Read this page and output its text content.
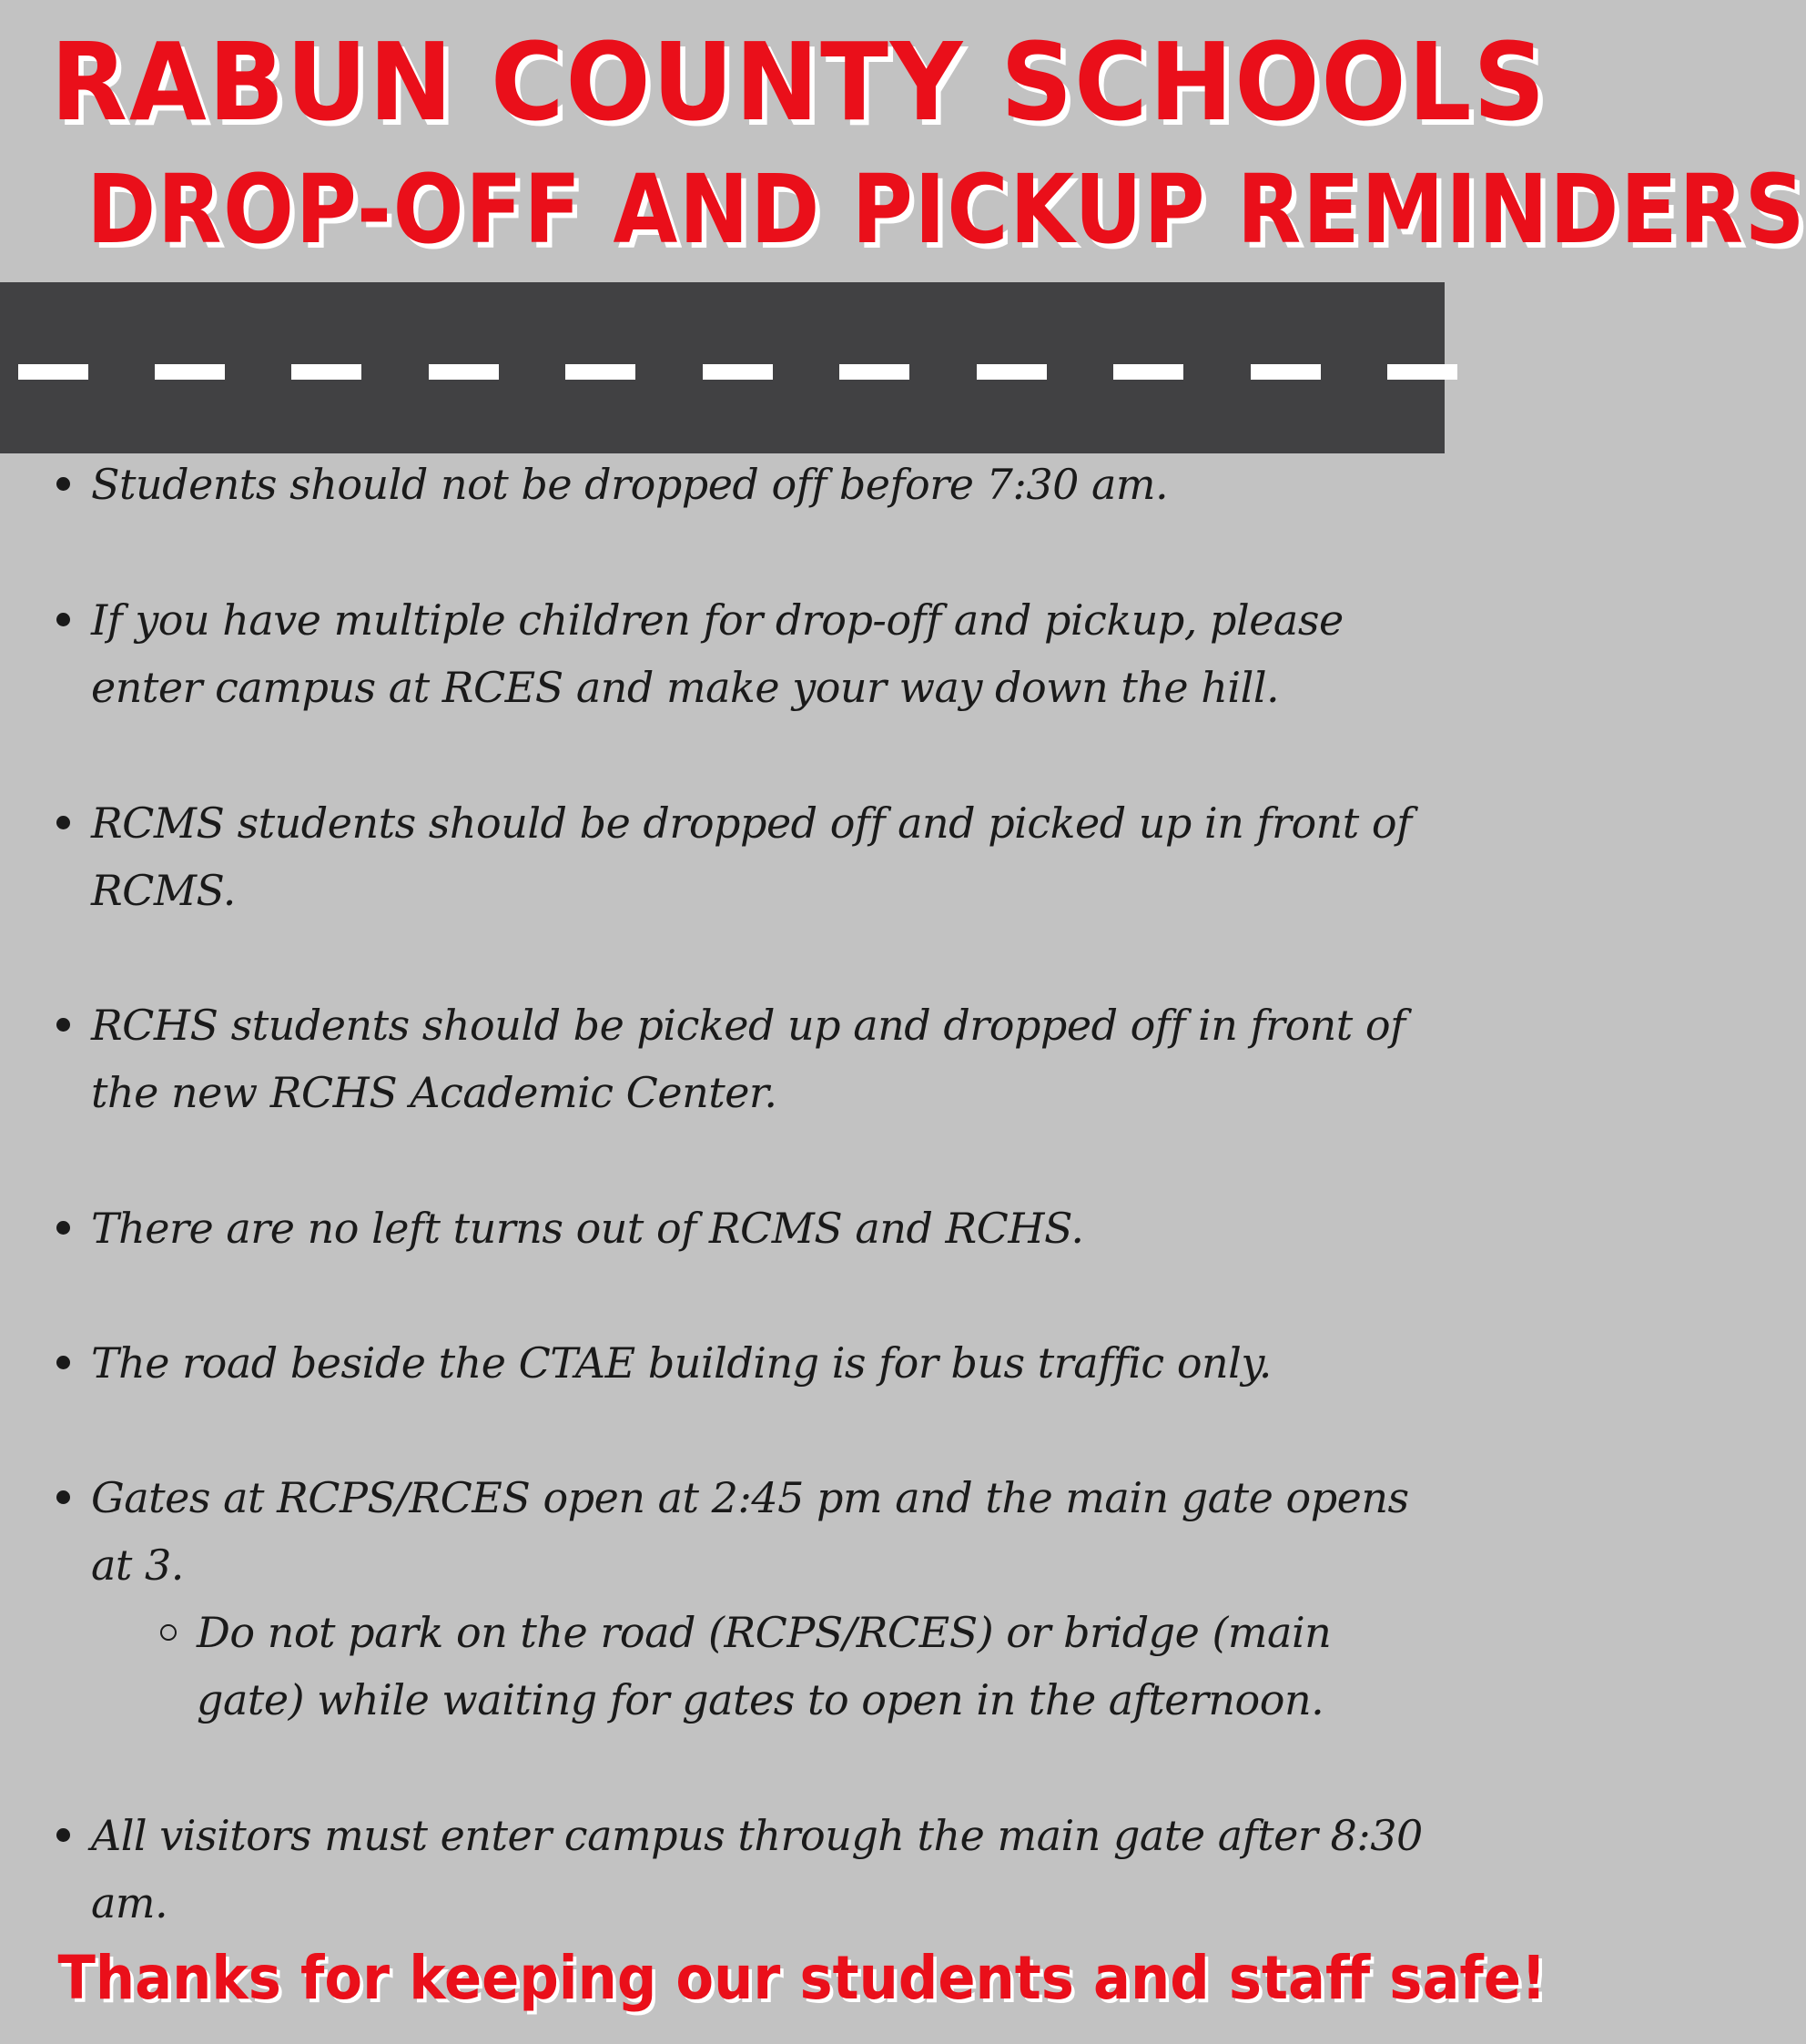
RABUN COUNTY SCHOOLS
DROP-OFF AND PICKUP REMINDERS
Students should not be dropped off before 7:30 am.
If you have multiple children for drop-off and pickup, please enter campus at RCES and make your way down the hill.
RCMS students should be dropped off and picked up in front of RCMS.
RCHS students should be picked up and dropped off in front of the new RCHS Academic Center.
There are no left turns out of RCMS and RCHS.
The road beside the CTAE building is for bus traffic only.
Gates at RCPS/RCES open at 2:45 pm and the main gate opens at 3.
Do not park on the road (RCPS/RCES) or bridge (main gate) while waiting for gates to open in the afternoon.
All visitors must enter campus through the main gate after 8:30 am.
Thanks for keeping our students and staff safe!
